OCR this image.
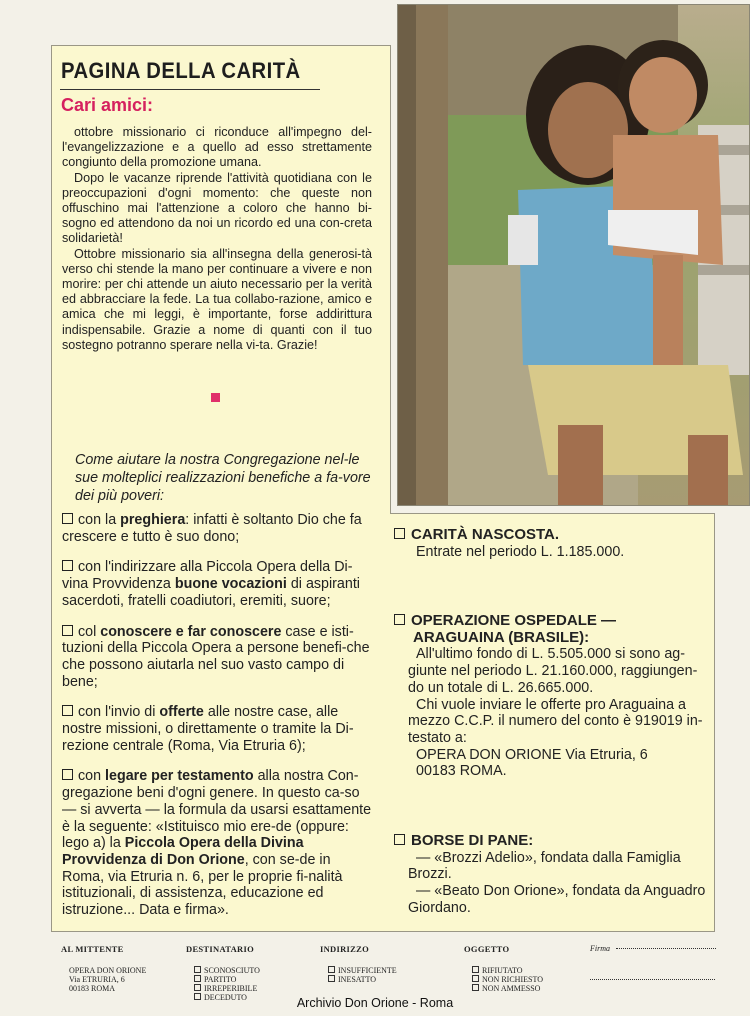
PAGINA DELLA CARITÀ
Cari amici:

ottobre missionario ci riconduce all'impegno del-l'evangelizzazione e a quello ad esso strettamente congiunto della promozione umana.

Dopo le vacanze riprende l'attività quotidiana con le preoccupazioni d'ogni momento: che queste non offuschino mai l'attenzione a coloro che hanno bi-sogno ed attendono da noi un ricordo ed una con-creta solidarietà!

Ottobre missionario sia all'insegna della generosi-tà verso chi stende la mano per continuare a vivere e non morire: per chi attende un aiuto necessario per la verità ed abbracciare la fede. La tua collabo-razione, amico e amica che mi leggi, è importante, forse addirittura indispensabile. Grazie a nome di quanti con il tuo sostegno potranno sperare nella vi-ta. Grazie!

Come aiutare la nostra Congregazione nel-le sue molteplici realizzazioni benefiche a fa-vore dei più poveri:
con la preghiera: infatti è soltanto Dio che fa crescere e tutto è suo dono;
con l'indirizzare alla Piccola Opera della Di-vina Provvidenza buone vocazioni di aspiranti sacerdoti, fratelli coadiutori, eremiti, suore;
col conoscere e far conoscere case e isti-tuzioni della Piccola Opera a persone benefi-che che possono aiutarla nel suo vasto campo di bene;
con l'invio di offerte alle nostre case, alle nostre missioni, o direttamente o tramite la Di-rezione centrale (Roma, Via Etruria 6);
con legare per testamento alla nostra Con-gregazione beni d'ogni genere. In questo ca-so — si avverta — la formula da usarsi esattamente è la seguente: «Istituisco mio ere-de (oppure: lego a) la Piccola Opera della Divina Provvidenza di Don Orione, con se-de in Roma, via Etruria n. 6, per le proprie fi-nalità istituzionali, di assistenza, educazione ed istruzione... Data e firma».
CARITÀ NASCOSTA.

Entrate nel periodo L. 1.185.000.

OPERAZIONE OSPEDALE —
ARAGUAINA (BRASILE):

All'ultimo fondo di L. 5.505.000 si sono ag-giunte nel periodo L. 21.160.000, raggiungen-do un totale di L. 26.665.000.

Chi vuole inviare le offerte pro Araguaina a mezzo C.C.P. il numero del conto è 919019 in-testato a:

OPERA DON ORIONE Via Etruria, 6
00183 ROMA.
BORSE DI PANE:

— «Brozzi Adelio», fondata dalla Famiglia Brozzi.

— «Beato Don Orione», fondata da Anguadro Giordano.

AL MITTENTE
OPERA DON ORIONE
Via ETRURIA, 6
00183 ROMA
DESTINATARIO
SCONOSCIUTO
PARTITO
IRREPERIBILE
DECEDUTO
INDIRIZZO
INSUFFICIENTE
INESATTO
OGGETTO
RIFIUTATO
NON RICHIESTO
NON AMMESSO
Firma
Archivio Don Orione - Roma
